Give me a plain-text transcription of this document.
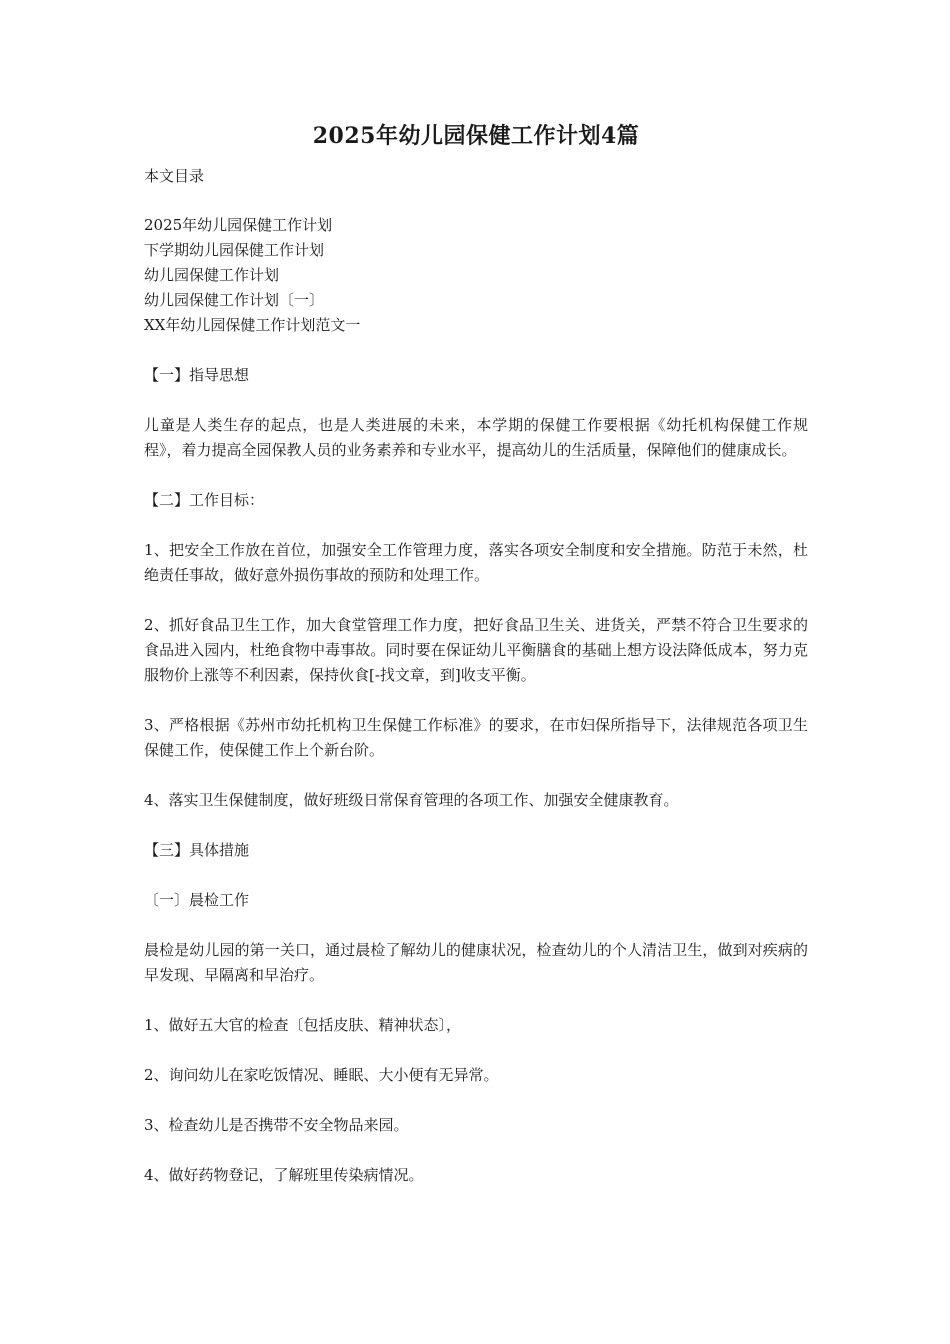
2025年幼儿园保健工作计划4篇

本文目录

2025年幼儿园保健工作计划
下学期幼儿园保健工作计划
幼儿园保健工作计划
幼儿园保健工作计划〔一〕
XX年幼儿园保健工作计划范文一

【一】指导思想

儿童是人类生存的起点，也是人类进展的未来，本学期的保健工作要根据《幼托机构保健工作规程》，着力提高全园保教人员的业务素养和专业水平，提高幼儿的生活质量，保障他们的健康成长。

【二】工作目标：

1、把安全工作放在首位，加强安全工作管理力度，落实各项安全制度和安全措施。防范于未然，杜绝责任事故，做好意外损伤事故的预防和处理工作。

2、抓好食品卫生工作，加大食堂管理工作力度，把好食品卫生关、进货关，严禁不符合卫生要求的食品进入园内，杜绝食物中毒事故。同时要在保证幼儿平衡膳食的基础上想方设法降低成本，努力克服物价上涨等不利因素，保持伙食[-找文章，到]收支平衡。

3、严格根据《苏州市幼托机构卫生保健工作标准》的要求，在市妇保所指导下，法律规范各项卫生保健工作，使保健工作上个新台阶。

4、落实卫生保健制度，做好班级日常保育管理的各项工作、加强安全健康教育。

【三】具体措施

〔一〕晨检工作

晨检是幼儿园的第一关口，通过晨检了解幼儿的健康状况，检查幼儿的个人清洁卫生，做到对疾病的早发现、早隔离和早治疗。

1、做好五大官的检查〔包括皮肤、精神状态〕，

2、询问幼儿在家吃饭情况、睡眠、大小便有无异常。

3、检查幼儿是否携带不安全物品来园。

4、做好药物登记，了解班里传染病情况。
